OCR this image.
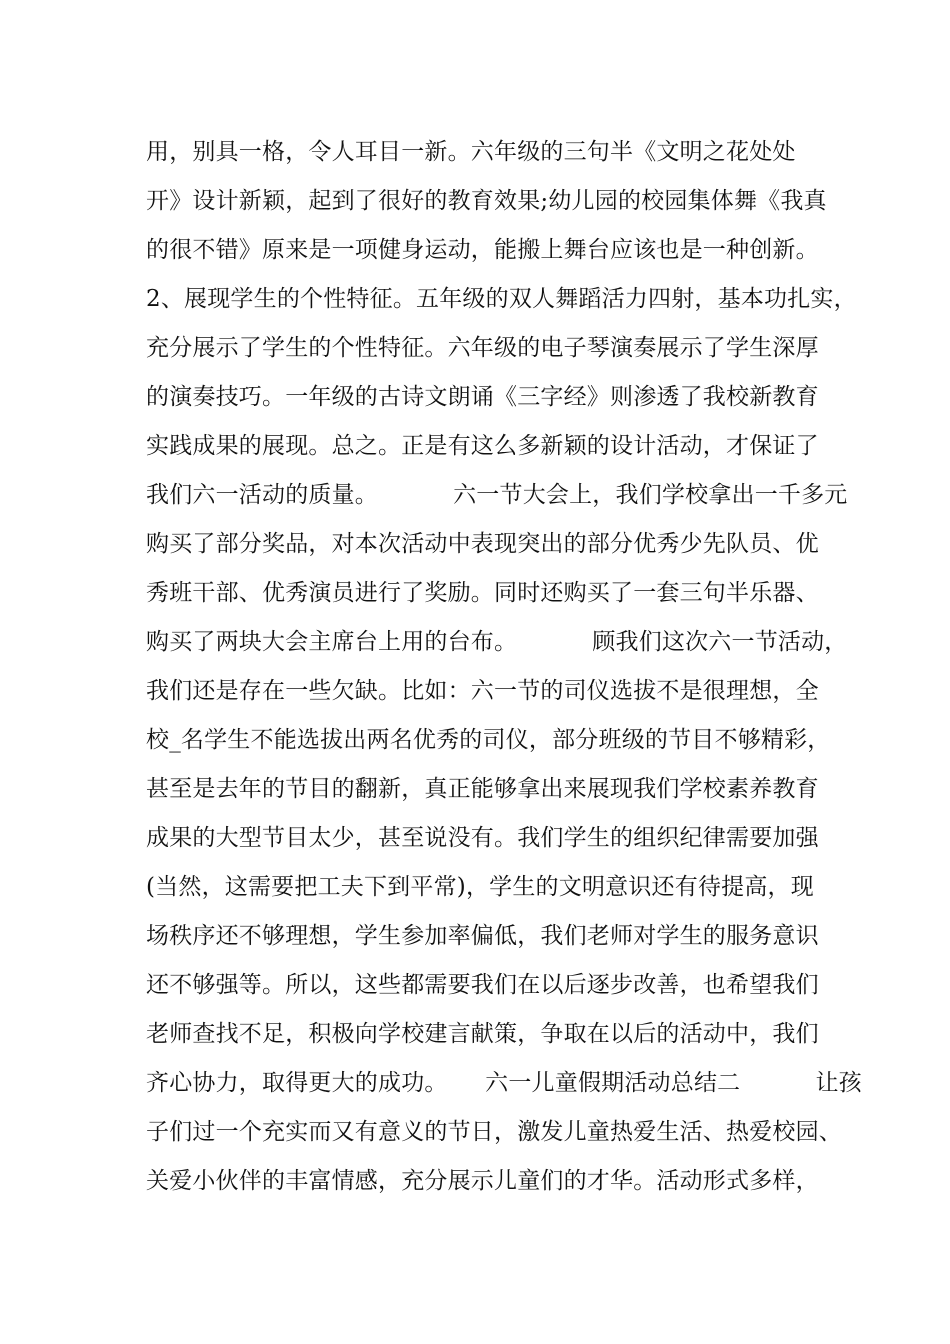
用，别具一格，令人耳目一新。六年级的三句半《文明之花处处
开》设计新颖，起到了很好的教育效果;幼儿园的校园集体舞《我真
的很不错》原来是一项健身运动，能搬上舞台应该也是一种创新。
2、展现学生的个性特征。五年级的双人舞蹈活力四射，基本功扎实，
充分展示了学生的个性特征。六年级的电子琴演奏展示了学生深厚
的演奏技巧。一年级的古诗文朗诵《三字经》则渗透了我校新教育
实践成果的展现。总之。正是有这么多新颖的设计活动，才保证了
我们六一活动的质量。          六一节大会上，我们学校拿出一千多元
购买了部分奖品，对本次活动中表现突出的部分优秀少先队员、优
秀班干部、优秀演员进行了奖励。同时还购买了一套三句半乐器、
购买了两块大会主席台上用的台布。          顾我们这次六一节活动，
我们还是存在一些欠缺。比如：六一节的司仪选拔不是很理想，全
校_名学生不能选拔出两名优秀的司仪，部分班级的节目不够精彩，
甚至是去年的节目的翻新，真正能够拿出来展现我们学校素养教育
成果的大型节目太少，甚至说没有。我们学生的组织纪律需要加强
(当然，这需要把工夫下到平常)，学生的文明意识还有待提高，现
场秩序还不够理想，学生参加率偏低，我们老师对学生的服务意识
还不够强等。所以，这些都需要我们在以后逐步改善，也希望我们
老师查找不足，积极向学校建言献策，争取在以后的活动中，我们
齐心协力，取得更大的成功。     六一儿童假期活动总结二          让孩
子们过一个充实而又有意义的节日，激发儿童热爱生活、热爱校园、
关爱小伙伴的丰富情感，充分展示儿童们的才华。活动形式多样，
